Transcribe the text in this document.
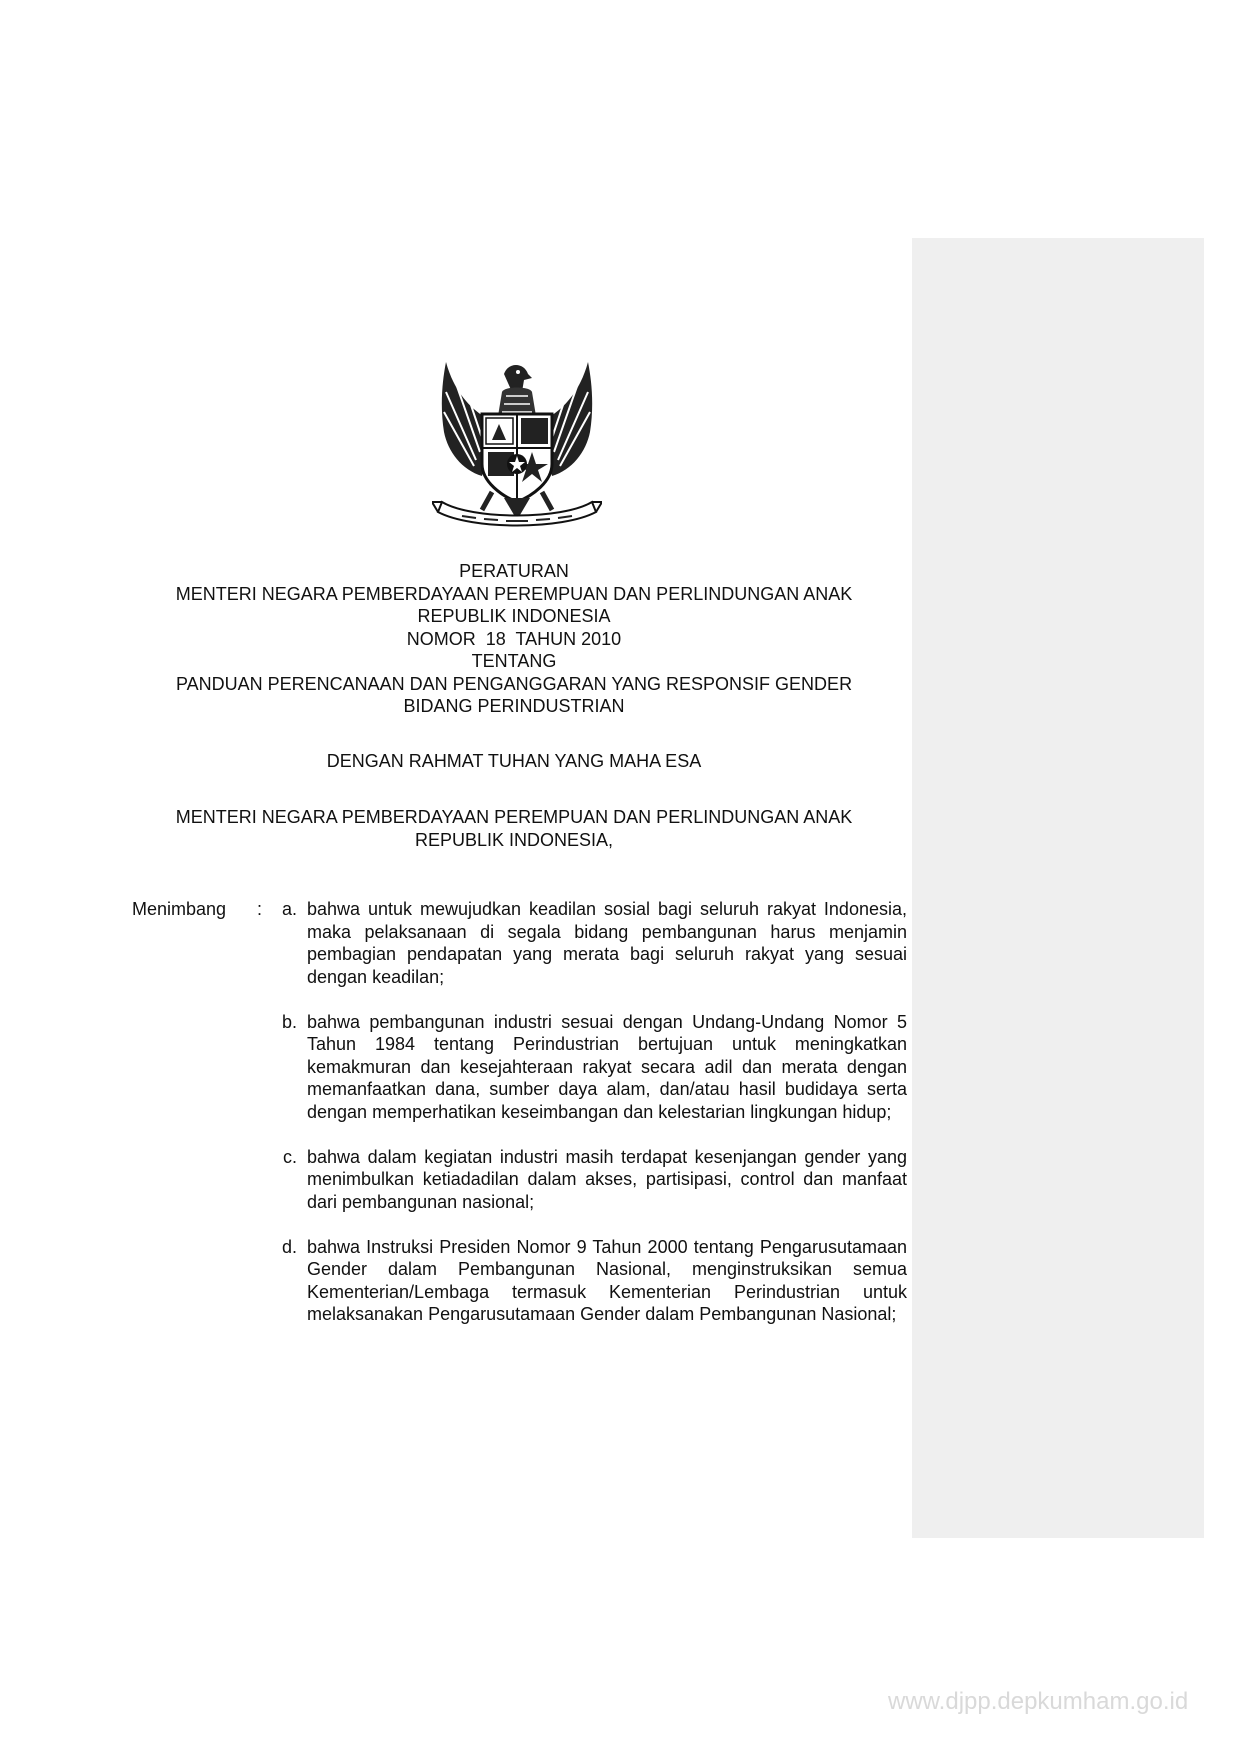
PERATURAN
MENTERI NEGARA PEMBERDAYAAN PEREMPUAN DAN PERLINDUNGAN ANAK
REPUBLIK INDONESIA
NOMOR  18  TAHUN 2010
TENTANG
PANDUAN PERENCANAAN DAN PENGANGGARAN YANG RESPONSIF GENDER
BIDANG PERINDUSTRIAN
DENGAN RAHMAT TUHAN YANG MAHA ESA
MENTERI NEGARA PEMBERDAYAAN PEREMPUAN DAN PERLINDUNGAN ANAK
REPUBLIK INDONESIA,
Menimbang :	a. bahwa untuk mewujudkan keadilan sosial bagi seluruh rakyat Indonesia, maka pelaksanaan di segala bidang pembangunan harus menjamin pembagian pendapatan yang merata bagi seluruh rakyat yang sesuai dengan keadilan;
b. bahwa pembangunan industri sesuai dengan Undang-Undang Nomor 5 Tahun 1984 tentang Perindustrian bertujuan untuk meningkatkan kemakmuran dan kesejahteraan rakyat secara adil dan merata dengan memanfaatkan dana, sumber daya alam, dan/atau hasil budidaya serta dengan memperhatikan keseimbangan dan kelestarian lingkungan hidup;
c. bahwa dalam kegiatan industri masih terdapat kesenjangan gender yang menimbulkan ketiadadilan dalam akses, partisipasi, control dan manfaat dari pembangunan nasional;
d. bahwa Instruksi Presiden Nomor 9 Tahun 2000 tentang Pengarusutamaan Gender dalam Pembangunan Nasional, menginstruksikan semua Kementerian/Lembaga termasuk Kementerian Perindustrian untuk melaksanakan Pengarusutamaan Gender dalam Pembangunan Nasional;
www.djpp.depkumham.go.id
